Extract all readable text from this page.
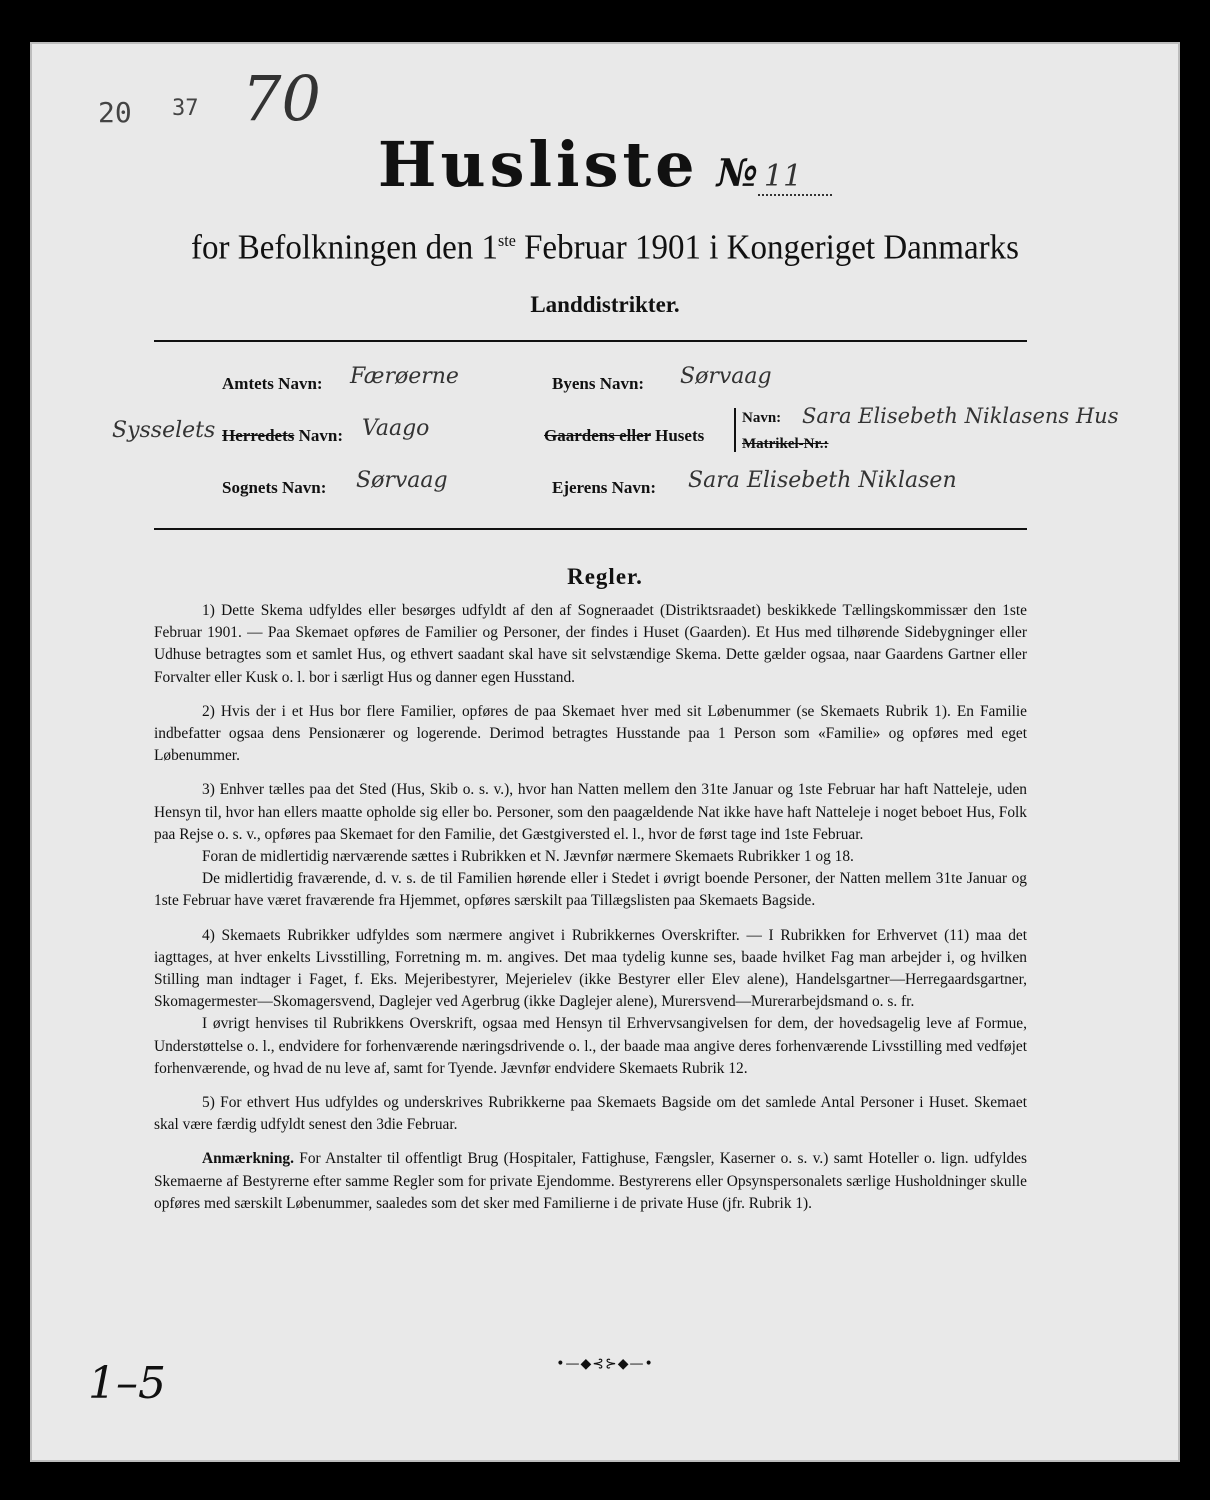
20 37 70
Husliste № 11
for Befolkningen den 1ste Februar 1901 i Kongeriget Danmarks
Landdistrikter.
Amtets Navn: Færøerne	Byens Navn: Sørvaag
Sysselets Herredets Navn: Vaago	Gaardens eller Husets
Navn: Sara Elisebeth Niklasens Hus
Matrikel-Nr.:
Sognets Navn: Sørvaag	Ejerens Navn: Sara Elisebeth Niklasen
Regler.

1) Dette Skema udfyldes eller besørges udfyldt af den af Sogneraadet (Distriktsraadet) beskikkede Tællingskommissær den 1ste Februar 1901. — Paa Skemaet opføres de Familier og Personer, der findes i Huset (Gaarden). Et Hus med tilhørende Sidebygninger eller Udhuse betragtes som et samlet Hus, og ethvert saadant skal have sit selvstændige Skema. Dette gælder ogsaa, naar Gaardens Gartner eller Forvalter eller Kusk o. l. bor i særligt Hus og danner egen Husstand.

2) Hvis der i et Hus bor flere Familier, opføres de paa Skemaet hver med sit Løbenummer (se Skemaets Rubrik 1). En Familie indbefatter ogsaa dens Pensionærer og logerende. Derimod betragtes Husstande paa 1 Person som «Familie» og opføres med eget Løbenummer.

3) Enhver tælles paa det Sted (Hus, Skib o. s. v.), hvor han Natten mellem den 31te Januar og 1ste Februar har haft Natteleje, uden Hensyn til, hvor han ellers maatte opholde sig eller bo. Personer, som den paagældende Nat ikke have haft Natteleje i noget beboet Hus, Folk paa Rejse o. s. v., opføres paa Skemaet for den Familie, det Gæstgiversted el. l., hvor de først tage ind 1ste Februar.

Foran de midlertidig nærværende sættes i Rubrikken et N. Jævnfør nærmere Skemaets Rubrikker 1 og 18.

De midlertidig fraværende, d. v. s. de til Familien hørende eller i Stedet i øvrigt boende Personer, der Natten mellem 31te Januar og 1ste Februar have været fraværende fra Hjemmet, opføres særskilt paa Tillægslisten paa Skemaets Bagside.

4) Skemaets Rubrikker udfyldes som nærmere angivet i Rubrikkernes Overskrifter. — I Rubrikken for Erhvervet (11) maa det iagttages, at hver enkelts Livsstilling, Forretning m. m. angives. Det maa tydelig kunne ses, baade hvilket Fag man arbejder i, og hvilken Stilling man indtager i Faget, f. Eks. Mejeribestyrer, Mejerielev (ikke Bestyrer eller Elev alene), Handelsgartner—Herregaardsgartner, Skomagermester—Skomagersvend, Daglejer ved Agerbrug (ikke Daglejer alene), Murersvend—Murerarbejdsmand o. s. fr.

I øvrigt henvises til Rubrikkens Overskrift, ogsaa med Hensyn til Erhvervsangivelsen for dem, der hovedsagelig leve af Formue, Understøttelse o. l., endvidere for forhenværende næringsdrivende o. l., der baade maa angive deres forhenværende Livsstilling med vedføjet forhenværende, og hvad de nu leve af, samt for Tyende. Jævnfør endvidere Skemaets Rubrik 12.

5) For ethvert Hus udfyldes og underskrives Rubrikkerne paa Skemaets Bagside om det samlede Antal Personer i Huset. Skemaet skal være færdig udfyldt senest den 3die Februar.

Anmærkning. For Anstalter til offentligt Brug (Hospitaler, Fattighuse, Fængsler, Kaserner o. s. v.) samt Hoteller o. lign. udfyldes Skemaerne af Bestyrerne efter samme Regler som for private Ejendomme. Bestyrerens eller Opsynspersonalets særlige Husholdninger skulle opføres med særskilt Løbenummer, saaledes som det sker med Familierne i de private Huse (jfr. Rubrik 1).

1–5	•—◆⊰⊱◆—•
